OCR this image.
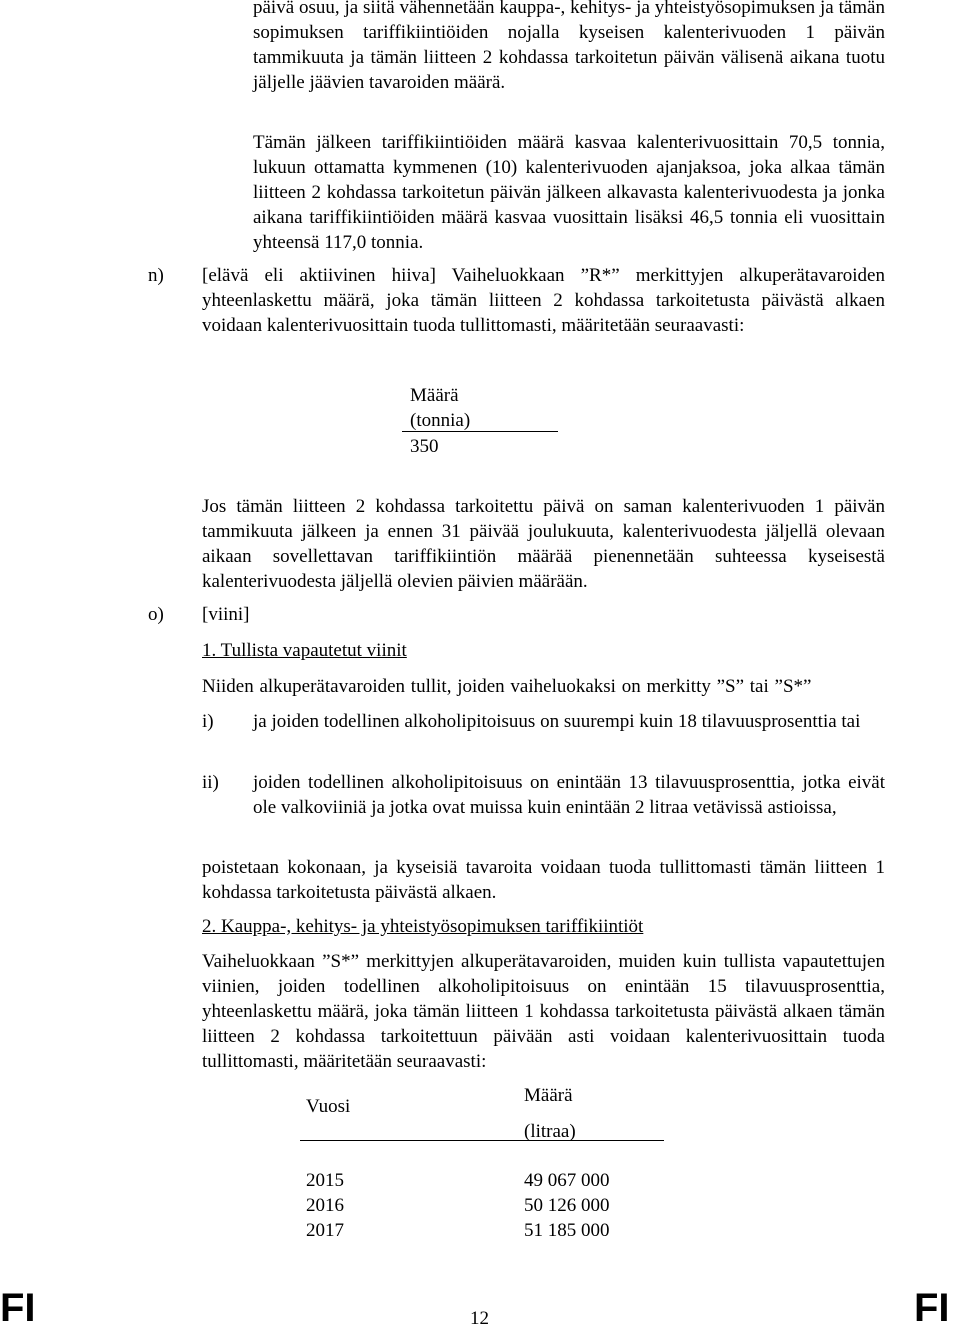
päivä osuu, ja siitä vähennetään kauppa-, kehitys- ja yhteistyösopimuksen ja tämän sopimuksen tariffikiintiöiden nojalla kyseisen kalenterivuoden 1 päivän tammikuuta ja tämän liitteen 2 kohdassa tarkoitetun päivän välisenä aikana tuotu jäljelle jäävien tavaroiden määrä.
Tämän jälkeen tariffikiintiöiden määrä kasvaa kalenterivuosittain 70,5 tonnia, lukuun ottamatta kymmenen (10) kalenterivuoden ajanjaksoa, joka alkaa tämän liitteen 2 kohdassa tarkoitetun päivän jälkeen alkavasta kalenterivuodesta ja jonka aikana tariffikiintiöiden määrä kasvaa vuosittain lisäksi 46,5 tonnia eli vuosittain yhteensä 117,0 tonnia.
n) [elävä eli aktiivinen hiiva] Vaiheluokkaan ”R*” merkittyjen alkuperätavaroiden yhteenlaskettu määrä, joka tämän liitteen 2 kohdassa tarkoitetusta päivästä alkaen voidaan kalenterivuosittain tuoda tullittomasti, määritetään seuraavasti:
Määrä
(tonnia)
350
Jos tämän liitteen 2 kohdassa tarkoitettu päivä on saman kalenterivuoden 1 päivän tammikuuta jälkeen ja ennen 31 päivää joulukuuta, kalenterivuodesta jäljellä olevaan aikaan sovellettavan tariffikiintiön määrää pienennetään suhteessa kyseisestä kalenterivuodesta jäljellä olevien päivien määrään.
o) [viini]
1. Tullista vapautetut viinit
Niiden alkuperätavaroiden tullit, joiden vaiheluokaksi on merkitty ”S” tai ”S*”
i) ja joiden todellinen alkoholipitoisuus on suurempi kuin 18 tilavuusprosenttia tai
ii) joiden todellinen alkoholipitoisuus on enintään 13 tilavuusprosenttia, jotka eivät ole valkoviiniä ja jotka ovat muissa kuin enintään 2 litraa vetävissä astioissa,
poistetaan kokonaan, ja kyseisiä tavaroita voidaan tuoda tullittomasti tämän liitteen 1 kohdassa tarkoitetusta päivästä alkaen.
2. Kauppa-, kehitys- ja yhteistyösopimuksen tariffikiintiöt
Vaiheluokkaan ”S*” merkittyjen alkuperätavaroiden, muiden kuin tullista vapautettujen viinien, joiden todellinen alkoholipitoisuus on enintään 15 tilavuusprosenttia, yhteenlaskettu määrä, joka tämän liitteen 1 kohdassa tarkoitetusta päivästä alkaen tämän liitteen 2 kohdassa tarkoitettuun päivään asti voidaan kalenterivuosittain tuoda tullittomasti, määritetään seuraavasti:
Vuosi
Määrä
(litraa)
2015	49 067 000
2016	50 126 000
2017	51 185 000
FI	12	FI
